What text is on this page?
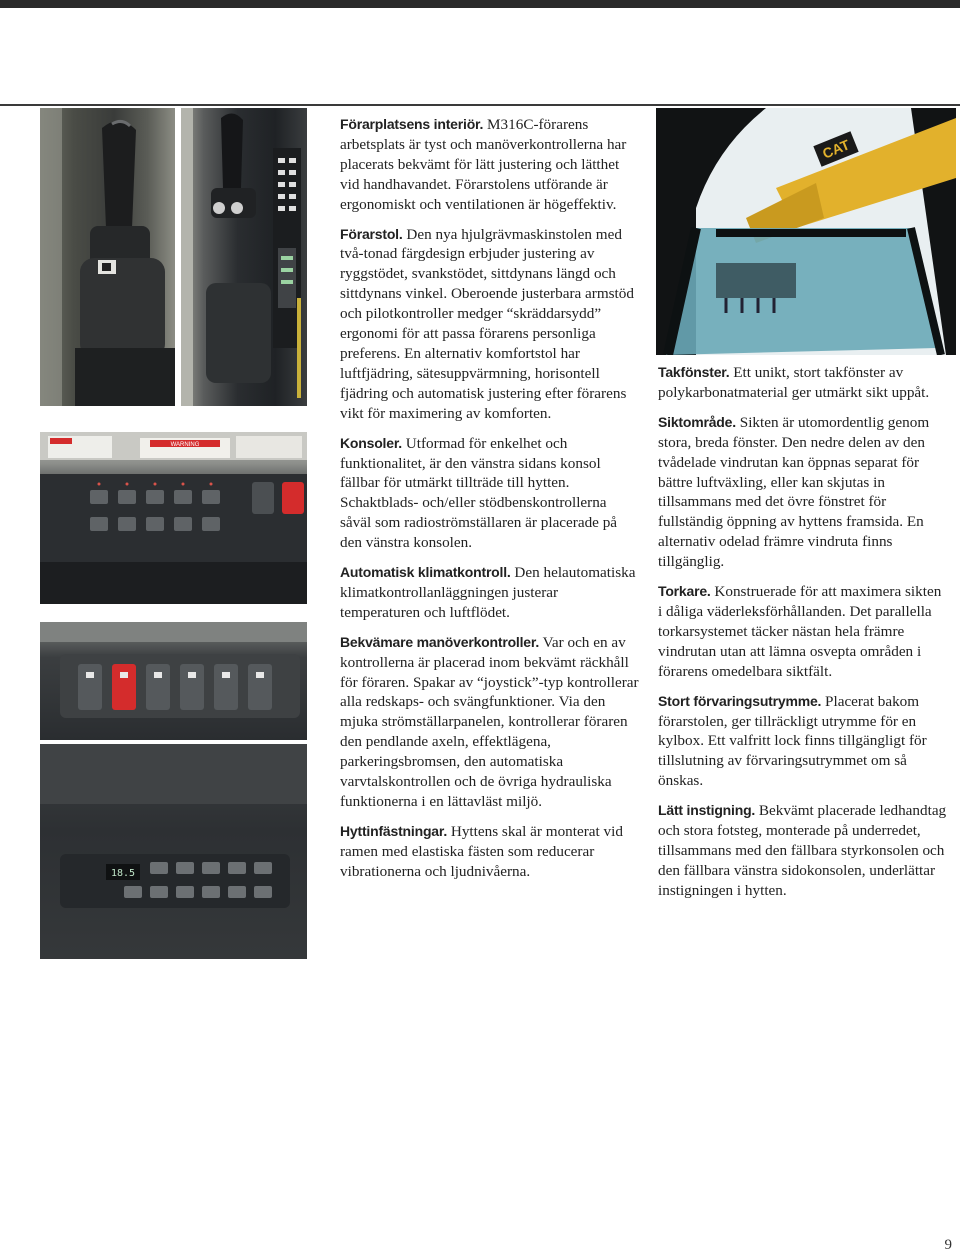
WARNING
18.5
CAT

Förarplatsens interiör. M316C-förarens arbetsplats är tyst och manöverkontrollerna har placerats bekvämt för lätt justering och lätthet vid handhavandet. Förarstolens utförande är ergonomiskt och ventilationen är högeffektiv.

Förarstol. Den nya hjulgrävmaskinstolen med två-tonad färgdesign erbjuder justering av ryggstödet, svankstödet, sittdynans längd och sittdynans vinkel. Oberoende justerbara armstöd och pilotkontroller medger “skräddarsydd” ergonomi för att passa förarens personliga preferens. En alternativ komfortstol har luftfjädring, sätesuppvärmning, horisontell fjädring och automatisk justering efter förarens vikt för maximering av komforten.

Konsoler. Utformad för enkelhet och funktionalitet, är den vänstra sidans konsol fällbar för utmärkt tillträde till hytten. Schaktblads- och/eller stödbenskontrollerna såväl som radioströmställaren är placerade på den vänstra konsolen.

Automatisk klimatkontroll. Den helautomatiska klimatkontrollanläggningen justerar temperaturen och luftflödet.

Bekvämare manöverkontroller. Var och en av kontrollerna är placerad inom bekvämt räckhåll för föraren. Spakar av “joystick”-typ kontrollerar alla redskaps- och svängfunktioner. Via den mjuka strömställarpanelen, kontrollerar föraren den pendlande axeln, effektlägena, parkeringsbromsen, den automatiska varvtalskontrollen och de övriga hydrauliska funktionerna i en lättavläst miljö.

Hyttinfästningar. Hyttens skal är monterat vid ramen med elastiska fästen som reducerar vibrationerna och ljudnivåerna.

Takfönster. Ett unikt, stort takfönster av polykarbonatmaterial ger utmärkt sikt uppåt.

Siktområde. Sikten är utomordentlig genom stora, breda fönster. Den nedre delen av den tvådelade vindrutan kan öppnas separat för bättre luftväxling, eller kan skjutas in tillsammans med det övre fönstret för fullständig öppning av hyttens framsida. En alternativ odelad främre vindruta finns tillgänglig.

Torkare. Konstruerade för att maximera sikten i dåliga väderleksförhållanden. Det parallella torkarsystemet täcker nästan hela främre vindrutan utan att lämna osvepta områden i förarens omedelbara siktfält.

Stort förvaringsutrymme. Placerat bakom förarstolen, ger tillräckligt utrymme för en kylbox. Ett valfritt lock finns tillgängligt för tillslutning av förvaringsutrymmet om så önskas.

Lätt instigning. Bekvämt placerade ledhandtag och stora fotsteg, monterade på underredet, tillsammans med den fällbara styrkonsolen och den fällbara vänstra sidokonsolen, underlättar instigningen i hytten.

9
